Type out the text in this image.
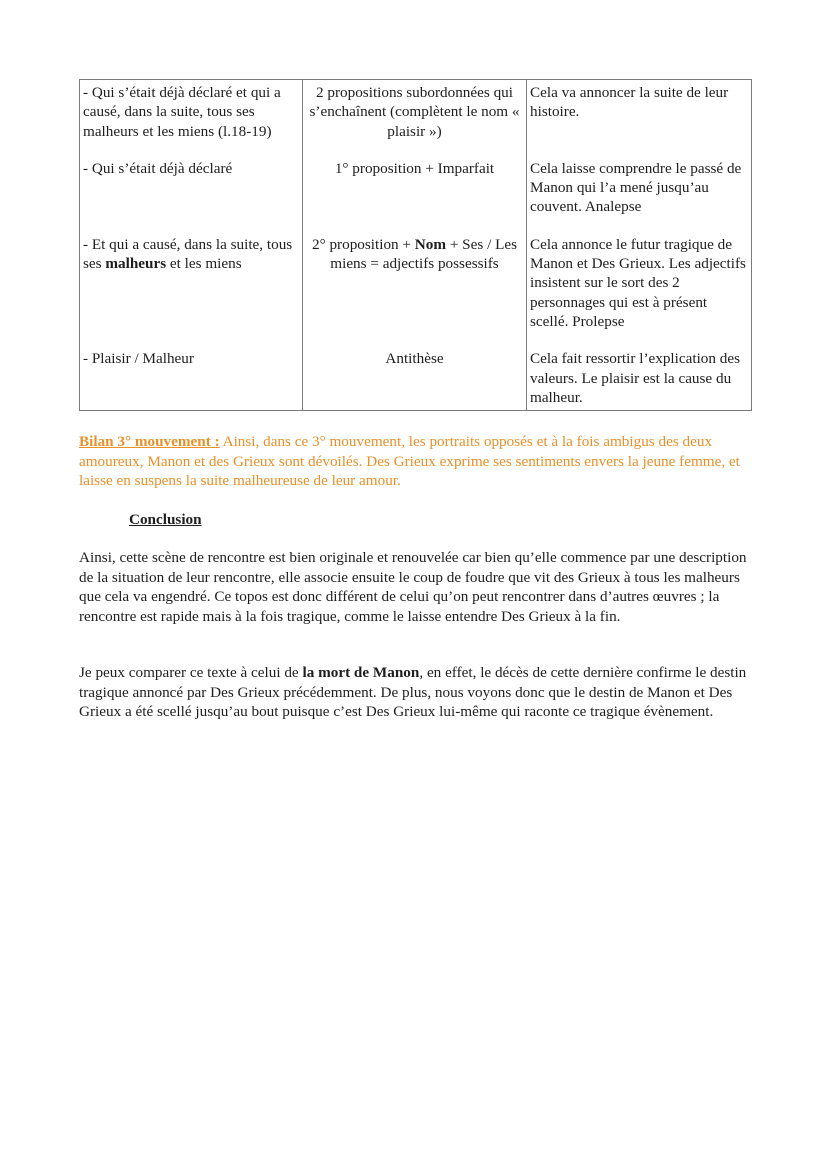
- Qui s’était déjà déclaré et qui a causé, dans la suite, tous ses malheurs et les miens (l.18-19)	2 propositions subordonnées qui s’enchaînent (complètent le nom « plaisir »)	Cela va annoncer la suite de leur histoire.
- Qui s’était déjà déclaré	1° proposition + Imparfait	Cela laisse comprendre le passé de Manon qui l’a mené jusqu’au couvent. Analepse
- Et qui a causé, dans la suite, tous ses malheurs et les miens	2° proposition + Nom + Ses / Les miens = adjectifs possessifs	Cela annonce le futur tragique de Manon et Des Grieux. Les adjectifs insistent sur le sort des 2 personnages qui est à présent scellé. Prolepse
- Plaisir / Malheur	Antithèse	Cela fait ressortir l’explication des valeurs. Le plaisir est la cause du malheur.
Bilan 3° mouvement : Ainsi, dans ce 3° mouvement, les portraits opposés et à la fois ambigus des deux amoureux, Manon et des Grieux sont dévoilés. Des Grieux exprime ses sentiments envers la jeune femme, et laisse en suspens la suite malheureuse de leur amour.
Conclusion
Ainsi, cette scène de rencontre est bien originale et renouvelée car bien qu’elle commence par une description de la situation de leur rencontre, elle associe ensuite le coup de foudre que vit des Grieux à tous les malheurs que cela va engendré. Ce topos est donc différent de celui qu’on peut rencontrer dans d’autres œuvres ; la rencontre est rapide mais à la fois tragique, comme le laisse entendre Des Grieux à la fin.
Je peux comparer ce texte à celui de la mort de Manon, en effet, le décès de cette dernière confirme le destin tragique annoncé par Des Grieux précédemment. De plus, nous voyons donc que le destin de Manon et Des Grieux a été scellé jusqu’au bout puisque c’est Des Grieux lui-même qui raconte ce tragique évènement.
